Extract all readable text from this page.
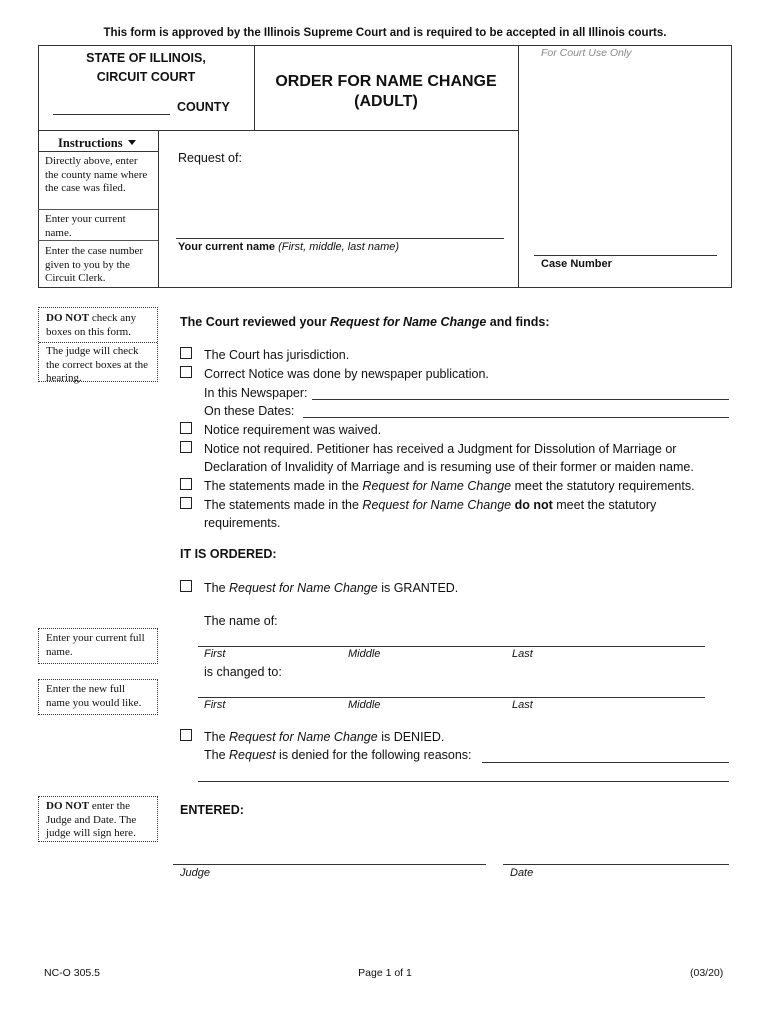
This form is approved by the Illinois Supreme Court and is required to be accepted in all Illinois courts.
STATE OF ILLINOIS,
CIRCUIT COURT
COUNTY
ORDER FOR NAME CHANGE
(ADULT)
For Court Use Only
Instructions
Directly above, enter the county name where the case was filed.
Enter your current name.
Enter the case number given to you by the Circuit Clerk.
Request of:
Your current name (First, middle, last name)
Case Number
DO NOT check any boxes on this form.
The judge will check the correct boxes at the hearing.
The Court reviewed your Request for Name Change and finds:
The Court has jurisdiction.
Correct Notice was done by newspaper publication.
In this Newspaper:
On these Dates:
Notice requirement was waived.
Notice not required. Petitioner has received a Judgment for Dissolution of Marriage or
Declaration of Invalidity of Marriage and is resuming use of their former or maiden name.
The statements made in the Request for Name Change meet the statutory requirements.
The statements made in the Request for Name Change do not meet the statutory
requirements.
IT IS ORDERED:
The Request for Name Change is GRANTED.
The name of:
Enter your current full name.	First	Middle	Last
is changed to:
Enter the new full name you would like.	First	Middle	Last
The Request for Name Change is DENIED.
The Request is denied for the following reasons:
DO NOT enter the Judge and Date. The judge will sign here.
ENTERED:
Judge	Date
NC-O 305.5	Page 1 of 1	(03/20)
